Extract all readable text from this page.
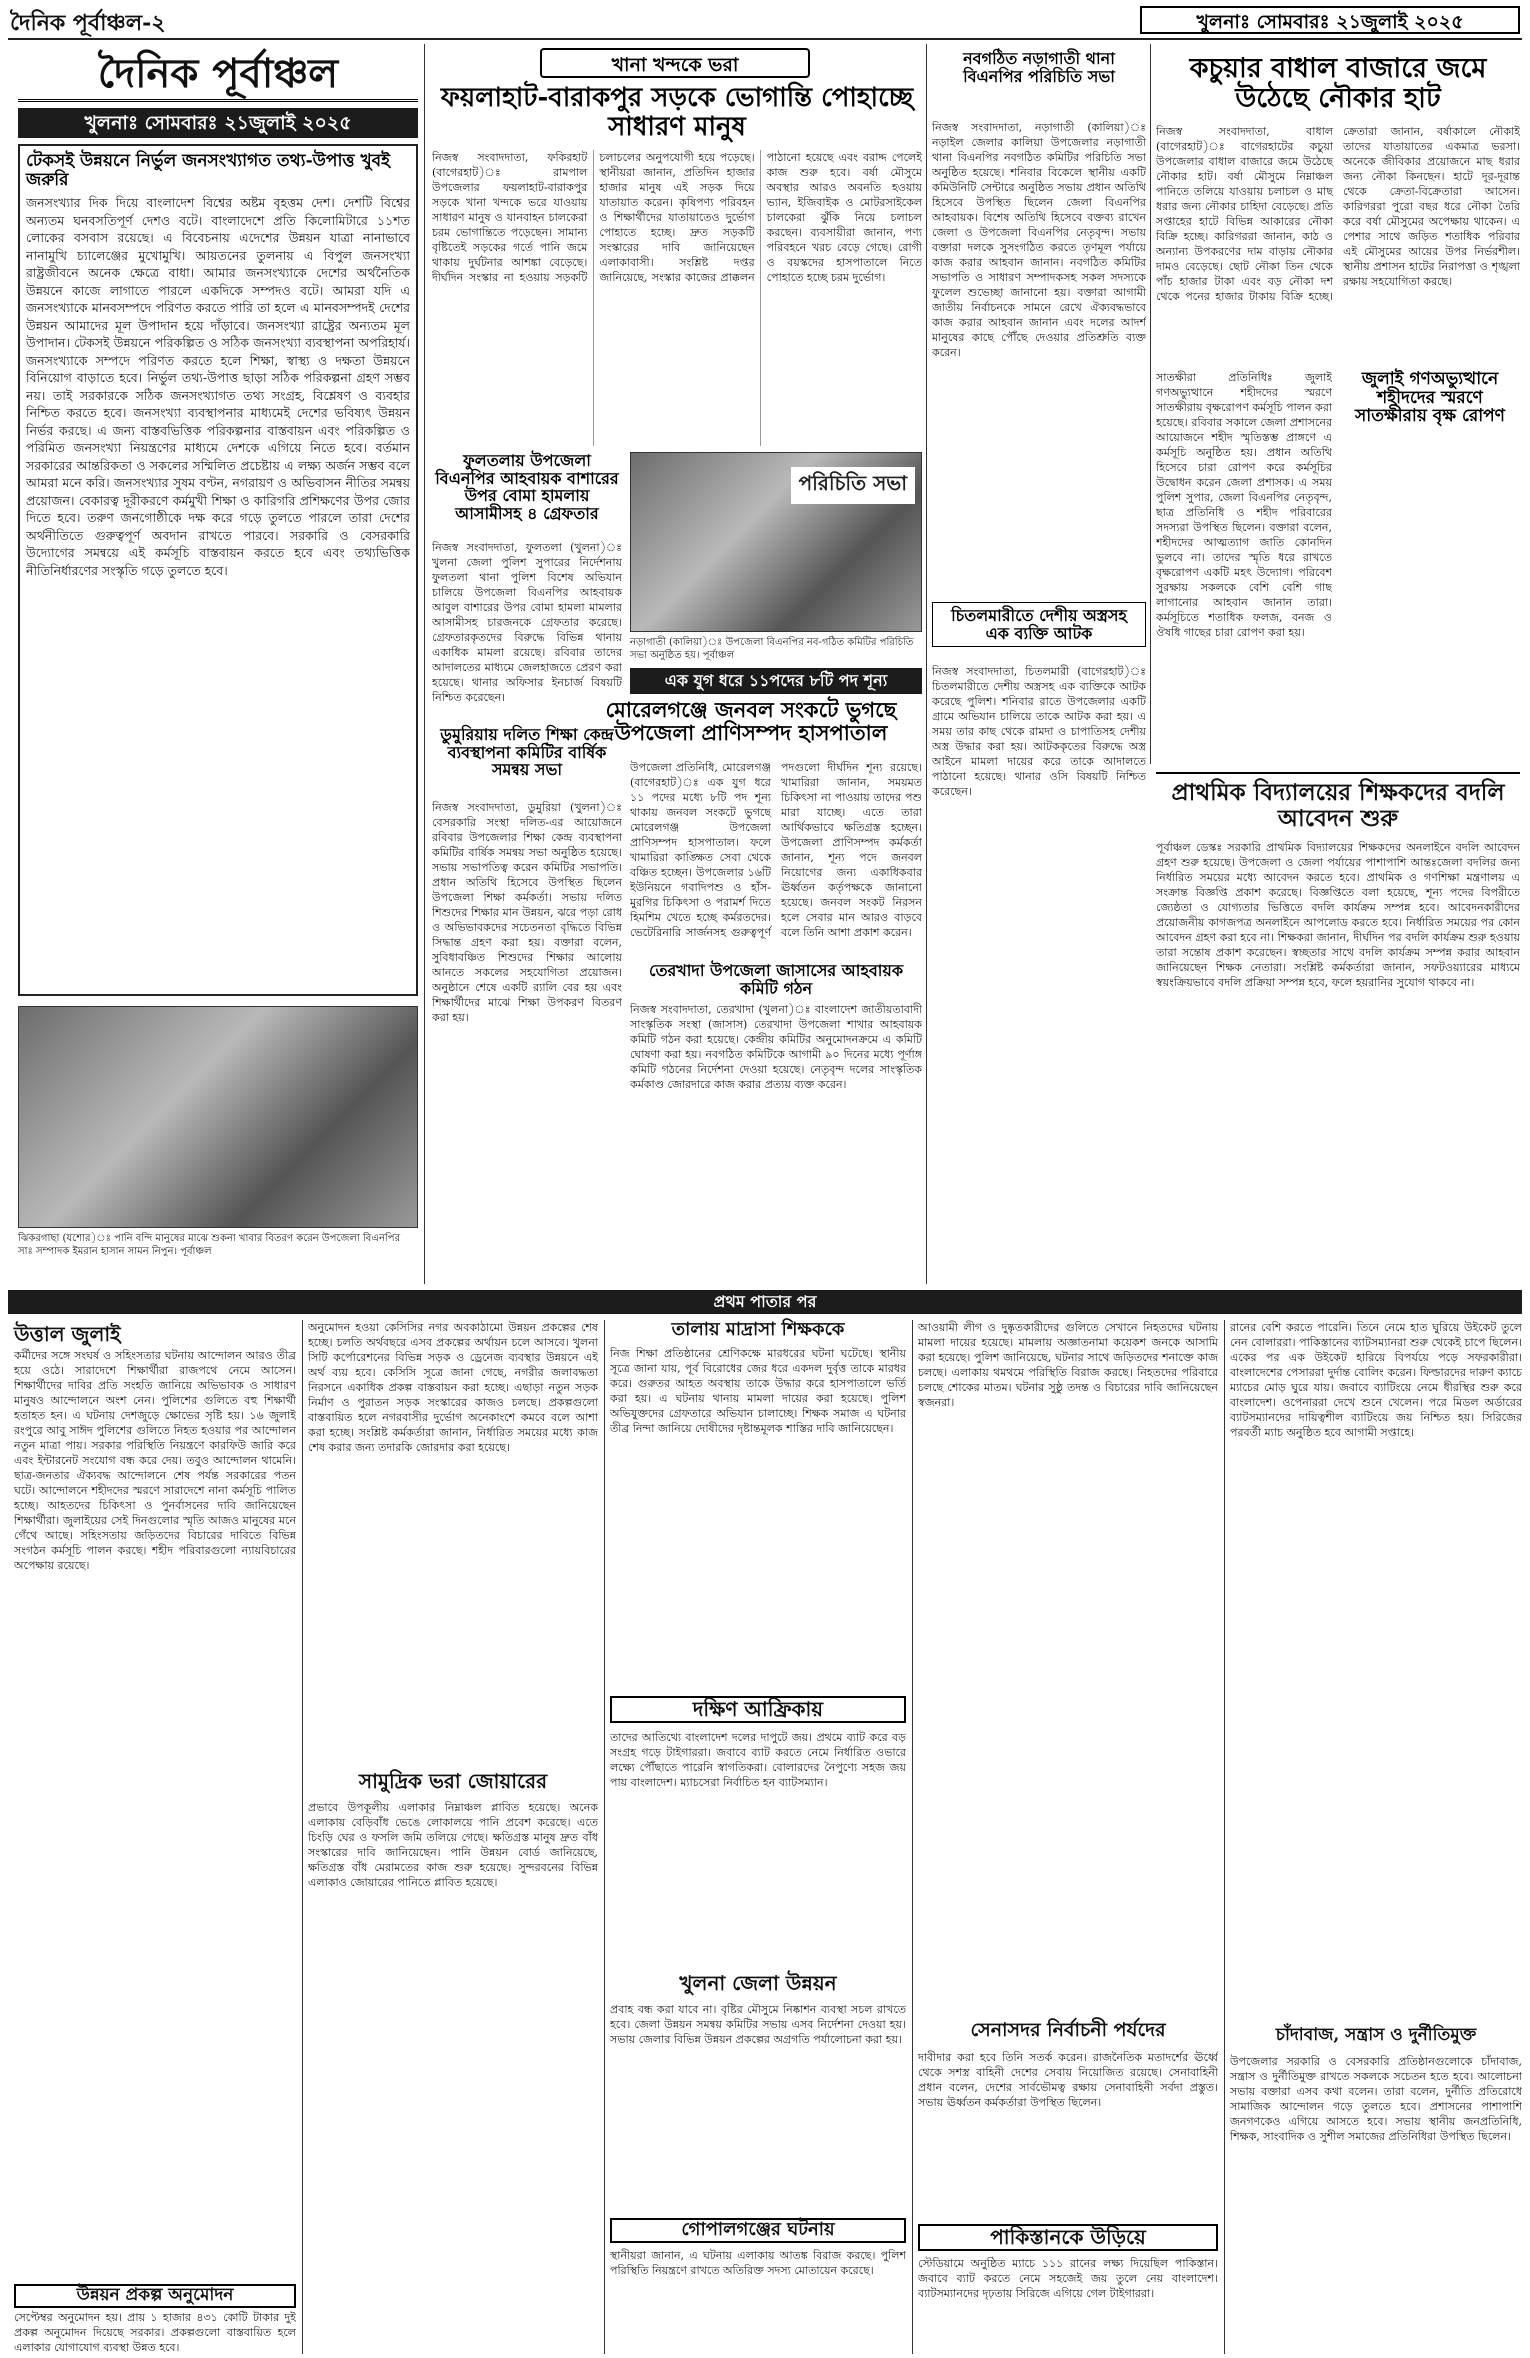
দৈনিক পূর্বাঞ্চল-২	খুলনাঃ সোমবারঃ ২১জুলাই ২০২৫
দৈনিক পূর্বাঞ্চল
খুলনাঃ সোমবারঃ ২১জুলাই ২০২৫
টেকসই উন্নয়নে নির্ভুল জনসংখ্যাগত তথ্য-উপাত্ত খুবই জরুরি
জনসংখ্যার দিক দিয়ে বাংলাদেশ বিশ্বের অষ্টম বৃহত্তম দেশ। দেশটি বিশ্বের অন্যতম ঘনবসতিপূর্ণ দেশও বটে। বাংলাদেশে প্রতি কিলোমিটারে ১১শত লোকের বসবাস রয়েছে। এ বিবেচনায় এদেশের উন্নয়ন যাত্রা নানাভাবে নানামুখি চ্যালেঞ্জের মুখোমুখি। আয়তনের তুলনায় এ বিপুল জনসংখ্যা রাষ্ট্রজীবনে অনেক ক্ষেত্রে বাধা। আমার জনসংখ্যাকে দেশের অর্থনৈতিক উন্নয়নে কাজে লাগাতে পারলে একদিকে সম্পদও বটে। আমরা যদি এ জনসংখ্যাকে মানবসম্পদে পরিণত করতে পারি তা হলে এ মানবসম্পদই দেশের উন্নয়ন আমাদের মূল উপাদান হয়ে দাঁড়াবে। জনসংখ্যা রাষ্ট্রের অন্যতম মূল উপাদান। টেকসই উন্নয়নে পরিকল্পিত ও সঠিক জনসংখ্যা ব্যবস্থাপনা অপরিহার্য। জনসংখ্যাকে সম্পদে পরিণত করতে হলে শিক্ষা, স্বাস্থ্য ও দক্ষতা উন্নয়নে বিনিয়োগ বাড়াতে হবে। নির্ভুল তথ্য-উপাত্ত ছাড়া সঠিক পরিকল্পনা গ্রহণ সম্ভব নয়। তাই সরকারকে সঠিক জনসংখ্যাগত তথ্য সংগ্রহ, বিশ্লেষণ ও ব্যবহার নিশ্চিত করতে হবে। জনসংখ্যা ব্যবস্থাপনার মাধ্যমেই দেশের ভবিষ্যৎ উন্নয়ন নির্ভর করছে। এ জন্য বাস্তবভিত্তিক পরিকল্পনার বাস্তবায়ন এবং পরিকল্পিত ও পরিমিত জনসংখ্যা নিয়ন্ত্রণের মাধ্যমে দেশকে এগিয়ে নিতে হবে। বর্তমান সরকারের আন্তরিকতা ও সকলের সম্মিলিত প্রচেষ্টায় এ লক্ষ্য অর্জন সম্ভব বলে আমরা মনে করি। জনসংখ্যার সুষম বণ্টন, নগরায়ণ ও অভিবাসন নীতির সমন্বয় প্রয়োজন। বেকারত্ব দূরীকরণে কর্মমুখী শিক্ষা ও কারিগরি প্রশিক্ষণের উপর জোর দিতে হবে। তরুণ জনগোষ্ঠীকে দক্ষ করে গড়ে তুলতে পারলে তারা দেশের অর্থনীতিতে গুরুত্বপূর্ণ অবদান রাখতে পারবে। সরকারি ও বেসরকারি উদ্যোগের সমন্বয়ে এই কর্মসূচি বাস্তবায়ন করতে হবে এবং তথ্যভিত্তিক নীতিনির্ধারণের সংস্কৃতি গড়ে তুলতে হবে।
ঝিকরগাছা (যশোর)ঃ পানি বন্দি মানুষের মাঝে শুকনা খাবার বিতরণ করেন উপজেলা বিএনপির সাঃ সম্পাদক ইমরান হাসান সামন নিপুন। পূর্বাঞ্চল
খানা খন্দকে ভরা
ফয়লাহাট-বারাকপুর সড়কে ভোগান্তি পোহাচ্ছে সাধারণ মানুষ
নিজস্ব সংবাদদাতা, ফকিরহাট (বাগেরহাট)ঃ রামপাল উপজেলার ফয়লাহাট-বারাকপুর সড়কে খানা খন্দকে ভরে যাওয়ায় সাধারণ মানুষ ও যানবাহন চালকেরা চরম ভোগান্তিতে পড়েছেন। সামান্য বৃষ্টিতেই সড়কের গর্তে পানি জমে থাকায় দুর্ঘটনার আশঙ্কা বেড়েছে। দীর্ঘদিন সংস্কার না হওয়ায় সড়কটি চলাচলের অনুপযোগী হয়ে পড়েছে। স্থানীয়রা জানান, প্রতিদিন হাজার হাজার মানুষ এই সড়ক দিয়ে যাতায়াত করেন। কৃষিপণ্য পরিবহন ও শিক্ষার্থীদের যাতায়াতেও দুর্ভোগ পোহাতে হচ্ছে। দ্রুত সড়কটি সংস্কারের দাবি জানিয়েছেন এলাকাবাসী। সংশ্লিষ্ট দপ্তর জানিয়েছে, সংস্কার কাজের প্রাক্কলন পাঠানো হয়েছে এবং বরাদ্দ পেলেই কাজ শুরু হবে। বর্ষা মৌসুমে অবস্থার আরও অবনতি হওয়ায় ভ্যান, ইজিবাইক ও মোটরসাইকেল চালকেরা ঝুঁকি নিয়ে চলাচল করছেন। ব্যবসায়ীরা জানান, পণ্য পরিবহনে খরচ বেড়ে গেছে। রোগী ও বয়স্কদের হাসপাতালে নিতে পোহাতে হচ্ছে চরম দুর্ভোগ।
ফুলতলায় উপজেলা বিএনপির আহবায়ক বাশারের উপর বোমা হামলায় আসামীসহ ৪ গ্রেফতার
নিজস্ব সংবাদদাতা, ফুলতলা (খুলনা)ঃ খুলনা জেলা পুলিশ সুপারের নির্দেশনায় ফুলতলা থানা পুলিশ বিশেষ অভিযান চালিয়ে উপজেলা বিএনপির আহবায়ক আবুল বাশারের উপর বোমা হামলা মামলার আসামীসহ চারজনকে গ্রেফতার করেছে। গ্রেফতারকৃতদের বিরুদ্ধে বিভিন্ন থানায় একাধিক মামলা রয়েছে। রবিবার তাদের আদালতের মাধ্যমে জেলহাজতে প্রেরণ করা হয়েছে। থানার অফিসার ইনচার্জ বিষয়টি নিশ্চিত করেছেন।
পরিচিতি সভা
নড়াগাতী (কালিয়া)ঃ উপজেলা বিএনপির নব-গঠিত কমিটির পরিচিতি সভা অনুষ্ঠিত হয়। পূর্বাঞ্চল
এক যুগ ধরে ১১পদের ৮টি পদ শূন্য
মোরেলগঞ্জে জনবল সংকটে ভুগছে উপজেলা প্রাণিসম্পদ হাসপাতাল
উপজেলা প্রতিনিধি, মোরেলগঞ্জ (বাগেরহাট)ঃ এক যুগ ধরে ১১ পদের মধ্যে ৮টি পদ শূন্য থাকায় জনবল সংকটে ভুগছে মোরেলগঞ্জ উপজেলা প্রাণিসম্পদ হাসপাতাল। ফলে খামারিরা কাঙ্ক্ষিত সেবা থেকে বঞ্চিত হচ্ছেন। উপজেলার ১৬টি ইউনিয়নে গবাদিপশু ও হাঁস-মুরগির চিকিৎসা ও পরামর্শ দিতে হিমশিম খেতে হচ্ছে কর্মরতদের। ভেটেরিনারি সার্জনসহ গুরুত্বপূর্ণ পদগুলো দীর্ঘদিন শূন্য রয়েছে। খামারিরা জানান, সময়মত চিকিৎসা না পাওয়ায় তাদের পশু মারা যাচ্ছে। এতে তারা আর্থিকভাবে ক্ষতিগ্রস্ত হচ্ছেন। উপজেলা প্রাণিসম্পদ কর্মকর্তা জানান, শূন্য পদে জনবল নিয়োগের জন্য একাধিকবার ঊর্ধ্বতন কর্তৃপক্ষকে জানানো হয়েছে। জনবল সংকট নিরসন হলে সেবার মান আরও বাড়বে বলে তিনি আশা প্রকাশ করেন।
ডুমুরিয়ায় দলিত শিক্ষা কেন্দ্র ব্যবস্থাপনা কমিটির বার্ষিক সমন্বয় সভা
নিজস্ব সংবাদদাতা, ডুমুরিয়া (খুলনা)ঃ বেসরকারি সংস্থা দলিত-এর আয়োজনে রবিবার উপজেলার শিক্ষা কেন্দ্র ব্যবস্থাপনা কমিটির বার্ষিক সমন্বয় সভা অনুষ্ঠিত হয়েছে। সভায় সভাপতিত্ব করেন কমিটির সভাপতি। প্রধান অতিথি হিসেবে উপস্থিত ছিলেন উপজেলা শিক্ষা কর্মকর্তা। সভায় দলিত শিশুদের শিক্ষার মান উন্নয়ন, ঝরে পড়া রোধ ও অভিভাবকদের সচেতনতা বৃদ্ধিতে বিভিন্ন সিদ্ধান্ত গ্রহণ করা হয়। বক্তারা বলেন, সুবিধাবঞ্চিত শিশুদের শিক্ষার আলোয় আনতে সকলের সহযোগিতা প্রয়োজন। অনুষ্ঠানে শেষে একটি র‍্যালি বের হয় এবং শিক্ষার্থীদের মাঝে শিক্ষা উপকরণ বিতরণ করা হয়।
নবগঠিত নড়াগাতী থানা বিএনপির পরিচিতি সভা
নিজস্ব সংবাদদাতা, নড়াগাতী (কালিয়া)ঃ নড়াইল জেলার কালিয়া উপজেলার নড়াগাতী থানা বিএনপির নবগঠিত কমিটির পরিচিতি সভা অনুষ্ঠিত হয়েছে। শনিবার বিকেলে স্থানীয় একটি কমিউনিটি সেন্টারে অনুষ্ঠিত সভায় প্রধান অতিথি হিসেবে উপস্থিত ছিলেন জেলা বিএনপির আহবায়ক। বিশেষ অতিথি হিসেবে বক্তব্য রাখেন জেলা ও উপজেলা বিএনপির নেতৃবৃন্দ। সভায় বক্তারা দলকে সুসংগঠিত করতে তৃণমূল পর্যায়ে কাজ করার আহবান জানান। নবগঠিত কমিটির সভাপতি ও সাধারণ সম্পাদকসহ সকল সদস্যকে ফুলেল শুভেচ্ছা জানানো হয়। বক্তারা আগামী জাতীয় নির্বাচনকে সামনে রেখে ঐক্যবদ্ধভাবে কাজ করার আহবান জানান এবং দলের আদর্শ মানুষের কাছে পৌঁছে দেওয়ার প্রতিশ্রুতি ব্যক্ত করেন।
চিতলমারীতে দেশীয় অস্ত্রসহ এক ব্যক্তি আটক
নিজস্ব সংবাদদাতা, চিতলমারী (বাগেরহাট)ঃ চিতলমারীতে দেশীয় অস্ত্রসহ এক ব্যক্তিকে আটক করেছে পুলিশ। শনিবার রাতে উপজেলার একটি গ্রামে অভিযান চালিয়ে তাকে আটক করা হয়। এ সময় তার কাছ থেকে রামদা ও চাপাতিসহ দেশীয় অস্ত্র উদ্ধার করা হয়। আটককৃতের বিরুদ্ধে অস্ত্র আইনে মামলা দায়ের করে তাকে আদালতে পাঠানো হয়েছে। থানার ওসি বিষয়টি নিশ্চিত করেছেন।
তেরখাদা উপজেলা জাসাসের আহবায়ক কমিটি গঠন
নিজস্ব সংবাদদাতা, তেরখাদা (খুলনা)ঃ বাংলাদেশ জাতীয়তাবাদী সাংস্কৃতিক সংস্থা (জাসাস) তেরখাদা উপজেলা শাখার আহবায়ক কমিটি গঠন করা হয়েছে। কেন্দ্রীয় কমিটির অনুমোদনক্রমে এ কমিটি ঘোষণা করা হয়। নবগঠিত কমিটিকে আগামী ৯০ দিনের মধ্যে পূর্ণাঙ্গ কমিটি গঠনের নির্দেশনা দেওয়া হয়েছে। নেতৃবৃন্দ দলের সাংস্কৃতিক কর্মকাণ্ড জোরদারে কাজ করার প্রত্যয় ব্যক্ত করেন।
কচুয়ার বাধাল বাজারে জমে উঠেছে নৌকার হাট
নিজস্ব সংবাদদাতা, বাধাল (বাগেরহাট)ঃ বাগেরহাটের কচুয়া উপজেলার বাধাল বাজারে জমে উঠেছে নৌকার হাট। বর্ষা মৌসুমে নিম্নাঞ্চল পানিতে তলিয়ে যাওয়ায় চলাচল ও মাছ ধরার জন্য নৌকার চাহিদা বেড়েছে। প্রতি সপ্তাহের হাটে বিভিন্ন আকারের নৌকা বিক্রি হচ্ছে। কারিগররা জানান, কাঠ ও অন্যান্য উপকরণের দাম বাড়ায় নৌকার দামও বেড়েছে। ছোট নৌকা তিন থেকে পাঁচ হাজার টাকা এবং বড় নৌকা দশ থেকে পনের হাজার টাকায় বিক্রি হচ্ছে। ক্রেতারা জানান, বর্ষাকালে নৌকাই তাদের যাতায়াতের একমাত্র ভরসা। অনেকে জীবিকার প্রয়োজনে মাছ ধরার জন্য নৌকা কিনছেন। হাটে দূর-দূরান্ত থেকে ক্রেতা-বিক্রেতারা আসেন। কারিগররা পুরো বছর ধরে নৌকা তৈরি করে বর্ষা মৌসুমের অপেক্ষায় থাকেন। এ পেশার সাথে জড়িত শতাধিক পরিবার এই মৌসুমের আয়ের উপর নির্ভরশীল। স্থানীয় প্রশাসন হাটের নিরাপত্তা ও শৃঙ্খলা রক্ষায় সহযোগিতা করছে।
জুলাই গণঅভ্যুত্থানে শহীদদের স্মরণে সাতক্ষীরায় বৃক্ষ রোপণ
সাতক্ষীরা প্রতিনিধিঃ জুলাই গণঅভ্যুত্থানে শহীদদের স্মরণে সাতক্ষীরায় বৃক্ষরোপণ কর্মসূচি পালন করা হয়েছে। রবিবার সকালে জেলা প্রশাসনের আয়োজনে শহীদ স্মৃতিস্তম্ভ প্রাঙ্গণে এ কর্মসূচি অনুষ্ঠিত হয়। প্রধান অতিথি হিসেবে চারা রোপণ করে কর্মসূচির উদ্বোধন করেন জেলা প্রশাসক। এ সময় পুলিশ সুপার, জেলা বিএনপির নেতৃবৃন্দ, ছাত্র প্রতিনিধি ও শহীদ পরিবারের সদস্যরা উপস্থিত ছিলেন। বক্তারা বলেন, শহীদদের আত্মত্যাগ জাতি কোনদিন ভুলবে না। তাদের স্মৃতি ধরে রাখতে বৃক্ষরোপণ একটি মহৎ উদ্যোগ। পরিবেশ সুরক্ষায় সকলকে বেশি বেশি গাছ লাগানোর আহবান জানান তারা। কর্মসূচিতে শতাধিক ফলজ, বনজ ও ঔষধি গাছের চারা রোপণ করা হয়।
প্রাথমিক বিদ্যালয়ের শিক্ষকদের বদলি আবেদন শুরু
পূর্বাঞ্চল ডেস্কঃ সরকারি প্রাথমিক বিদ্যালয়ের শিক্ষকদের অনলাইনে বদলি আবেদন গ্রহণ শুরু হয়েছে। উপজেলা ও জেলা পর্যায়ের পাশাপাশি আন্তঃজেলা বদলির জন্য নির্ধারিত সময়ের মধ্যে আবেদন করতে হবে। প্রাথমিক ও গণশিক্ষা মন্ত্রণালয় এ সংক্রান্ত বিজ্ঞপ্তি প্রকাশ করেছে। বিজ্ঞপ্তিতে বলা হয়েছে, শূন্য পদের বিপরীতে জ্যেষ্ঠতা ও যোগ্যতার ভিত্তিতে বদলি কার্যক্রম সম্পন্ন হবে। আবেদনকারীদের প্রয়োজনীয় কাগজপত্র অনলাইনে আপলোড করতে হবে। নির্ধারিত সময়ের পর কোন আবেদন গ্রহণ করা হবে না। শিক্ষকরা জানান, দীর্ঘদিন পর বদলি কার্যক্রম শুরু হওয়ায় তারা সন্তোষ প্রকাশ করেছেন। স্বচ্ছতার সাথে বদলি কার্যক্রম সম্পন্ন করার আহবান জানিয়েছেন শিক্ষক নেতারা। সংশ্লিষ্ট কর্মকর্তারা জানান, সফটওয়্যারের মাধ্যমে স্বয়ংক্রিয়ভাবে বদলি প্রক্রিয়া সম্পন্ন হবে, ফলে হয়রানির সুযোগ থাকবে না।
প্রথম পাতার পর
উত্তাল জুলাই
কর্মীদের সঙ্গে সংঘর্ষ ও সহিংসতার ঘটনায় আন্দোলন আরও তীব্র হয়ে ওঠে। সারাদেশে শিক্ষার্থীরা রাজপথে নেমে আসেন। শিক্ষার্থীদের দাবির প্রতি সংহতি জানিয়ে অভিভাবক ও সাধারণ মানুষও আন্দোলনে অংশ নেন। পুলিশের গুলিতে বহু শিক্ষার্থী হতাহত হন। এ ঘটনায় দেশজুড়ে ক্ষোভের সৃষ্টি হয়। ১৬ জুলাই রংপুরে আবু সাঈদ পুলিশের গুলিতে নিহত হওয়ার পর আন্দোলন নতুন মাত্রা পায়। সরকার পরিস্থিতি নিয়ন্ত্রণে কারফিউ জারি করে এবং ইন্টারনেট সংযোগ বন্ধ করে দেয়। তবুও আন্দোলন থামেনি। ছাত্র-জনতার ঐক্যবদ্ধ আন্দোলনে শেষ পর্যন্ত সরকারের পতন ঘটে। আন্দোলনে শহীদদের স্মরণে সারাদেশে নানা কর্মসূচি পালিত হচ্ছে। আহতদের চিকিৎসা ও পুনর্বাসনের দাবি জানিয়েছেন শিক্ষার্থীরা। জুলাইয়ের সেই দিনগুলোর স্মৃতি আজও মানুষের মনে গেঁথে আছে। সহিংসতায় জড়িতদের বিচারের দাবিতে বিভিন্ন সংগঠন কর্মসূচি পালন করছে। শহীদ পরিবারগুলো ন্যায়বিচারের অপেক্ষায় রয়েছে।
উন্নয়ন প্রকল্প অনুমোদন
সেপ্টেম্বর অনুমোদন হয়। প্রায় ১ হাজার ৪৩১ কোটি টাকার দুই প্রকল্প অনুমোদন দিয়েছে সরকার। প্রকল্পগুলো বাস্তবায়িত হলে এলাকার যোগাযোগ ব্যবস্থা উন্নত হবে।
অনুমোদন হওয়া কেসিসির নগর অবকাঠামো উন্নয়ন প্রকল্পের শেষ হচ্ছে। চলতি অর্থবছরে এসব প্রকল্পের অর্থায়ন চলে আসবে। খুলনা সিটি কর্পোরেশনের বিভিন্ন সড়ক ও ড্রেনেজ ব্যবস্থার উন্নয়নে এই অর্থ ব্যয় হবে। কেসিসি সূত্রে জানা গেছে, নগরীর জলাবদ্ধতা নিরসনে একাধিক প্রকল্প বাস্তবায়ন করা হচ্ছে। এছাড়া নতুন সড়ক নির্মাণ ও পুরাতন সড়ক সংস্কারের কাজও চলছে। প্রকল্পগুলো বাস্তবায়িত হলে নগরবাসীর দুর্ভোগ অনেকাংশে কমবে বলে আশা করা হচ্ছে। সংশ্লিষ্ট কর্মকর্তারা জানান, নির্ধারিত সময়ের মধ্যে কাজ শেষ করার জন্য তদারকি জোরদার করা হয়েছে।
সামুদ্রিক ভরা জোয়ারের
প্রভাবে উপকূলীয় এলাকার নিম্নাঞ্চল প্লাবিত হয়েছে। অনেক এলাকায় বেড়িবাঁধ ভেঙে লোকালয়ে পানি প্রবেশ করেছে। এতে চিংড়ি ঘের ও ফসলি জমি তলিয়ে গেছে। ক্ষতিগ্রস্ত মানুষ দ্রুত বাঁধ সংস্কারের দাবি জানিয়েছেন। পানি উন্নয়ন বোর্ড জানিয়েছে, ক্ষতিগ্রস্ত বাঁধ মেরামতের কাজ শুরু হয়েছে। সুন্দরবনের বিভিন্ন এলাকাও জোয়ারের পানিতে প্লাবিত হয়েছে।
তালায় মাদ্রাসা শিক্ষককে
নিজ শিক্ষা প্রতিষ্ঠানের শ্রেণিকক্ষে মারধরের ঘটনা ঘটেছে। স্থানীয় সূত্রে জানা যায়, পূর্ব বিরোধের জের ধরে একদল দুর্বৃত্ত তাকে মারধর করে। গুরুতর আহত অবস্থায় তাকে উদ্ধার করে হাসপাতালে ভর্তি করা হয়। এ ঘটনায় থানায় মামলা দায়ের করা হয়েছে। পুলিশ অভিযুক্তদের গ্রেফতারে অভিযান চালাচ্ছে। শিক্ষক সমাজ এ ঘটনার তীব্র নিন্দা জানিয়ে দোষীদের দৃষ্টান্তমূলক শাস্তির দাবি জানিয়েছেন।
দক্ষিণ আফ্রিকায়
তাদের আতিথ্যে বাংলাদেশ দলের দাপুটে জয়। প্রথমে ব্যাট করে বড় সংগ্রহ গড়ে টাইগাররা। জবাবে ব্যাট করতে নেমে নির্ধারিত ওভারে লক্ষ্যে পৌঁছাতে পারেনি স্বাগতিকরা। বোলারদের নৈপুণ্যে সহজ জয় পায় বাংলাদেশ। ম্যাচসেরা নির্বাচিত হন ব্যাটসম্যান।
খুলনা জেলা উন্নয়ন
প্রবাহ বন্ধ করা যাবে না। বৃষ্টির মৌসুমে নিষ্কাশন ব্যবস্থা সচল রাখতে হবে। জেলা উন্নয়ন সমন্বয় কমিটির সভায় এসব নির্দেশনা দেওয়া হয়। সভায় জেলার বিভিন্ন উন্নয়ন প্রকল্পের অগ্রগতি পর্যালোচনা করা হয়।
গোপালগঞ্জের ঘটনায়
স্থানীয়রা জানান, এ ঘটনায় এলাকায় আতঙ্ক বিরাজ করছে। পুলিশ পরিস্থিতি নিয়ন্ত্রণে রাখতে অতিরিক্ত সদস্য মোতায়েন করেছে।
আওয়ামী লীগ ও দুষ্কৃতকারীদের গুলিতে সেখানে নিহতদের ঘটনায় মামলা দায়ের হয়েছে। মামলায় অজ্ঞাতনামা কয়েকশ জনকে আসামি করা হয়েছে। পুলিশ জানিয়েছে, ঘটনার সাথে জড়িতদের শনাক্তে কাজ চলছে। এলাকায় থমথমে পরিস্থিতি বিরাজ করছে। নিহতদের পরিবারে চলছে শোকের মাতম। ঘটনার সুষ্ঠু তদন্ত ও বিচারের দাবি জানিয়েছেন স্বজনরা।
সেনাসদর নির্বাচনী পর্যদের
দাবীদার করা হবে তিনি সতর্ক করেন। রাজনৈতিক মতাদর্শের ঊর্ধ্বে থেকে সশস্ত্র বাহিনী দেশের সেবায় নিয়োজিত রয়েছে। সেনাবাহিনী প্রধান বলেন, দেশের সার্বভৌমত্ব রক্ষায় সেনাবাহিনী সর্বদা প্রস্তুত। সভায় ঊর্ধ্বতন কর্মকর্তারা উপস্থিত ছিলেন।
পাকিস্তানকে উড়িয়ে
স্টেডিয়ামে অনুষ্ঠিত ম্যাচে ১১১ রানের লক্ষ্য দিয়েছিল পাকিস্তান। জবাবে ব্যাট করতে নেমে সহজেই জয় তুলে নেয় বাংলাদেশ। ব্যাটসম্যানদের দৃঢ়তায় সিরিজে এগিয়ে গেল টাইগাররা।
রানের বেশি করতে পারেনি। তিনে নেমে হাত ঘুরিয়ে উইকেট তুলে নেন বোলাররা। পাকিস্তানের ব্যাটসম্যানরা শুরু থেকেই চাপে ছিলেন। একের পর এক উইকেট হারিয়ে বিপর্যয়ে পড়ে সফরকারীরা। বাংলাদেশের পেসাররা দুর্দান্ত বোলিং করেন। ফিল্ডারদের দারুণ ক্যাচে ম্যাচের মোড় ঘুরে যায়। জবাবে ব্যাটিংয়ে নেমে ধীরস্থির শুরু করে বাংলাদেশ। ওপেনাররা দেখে শুনে খেলেন। পরে মিডল অর্ডারের ব্যাটসম্যানদের দায়িত্বশীল ব্যাটিংয়ে জয় নিশ্চিত হয়। সিরিজের পরবর্তী ম্যাচ অনুষ্ঠিত হবে আগামী সপ্তাহে।
চাঁদাবাজ, সন্ত্রাস ও দুর্নীতিমুক্ত
উপজেলার সরকারি ও বেসরকারি প্রতিষ্ঠানগুলোকে চাঁদাবাজ, সন্ত্রাস ও দুর্নীতিমুক্ত রাখতে সকলকে সচেতন হতে হবে। আলোচনা সভায় বক্তারা এসব কথা বলেন। তারা বলেন, দুর্নীতি প্রতিরোধে সামাজিক আন্দোলন গড়ে তুলতে হবে। প্রশাসনের পাশাপাশি জনগণকেও এগিয়ে আসতে হবে। সভায় স্থানীয় জনপ্রতিনিধি, শিক্ষক, সাংবাদিক ও সুশীল সমাজের প্রতিনিধিরা উপস্থিত ছিলেন।
